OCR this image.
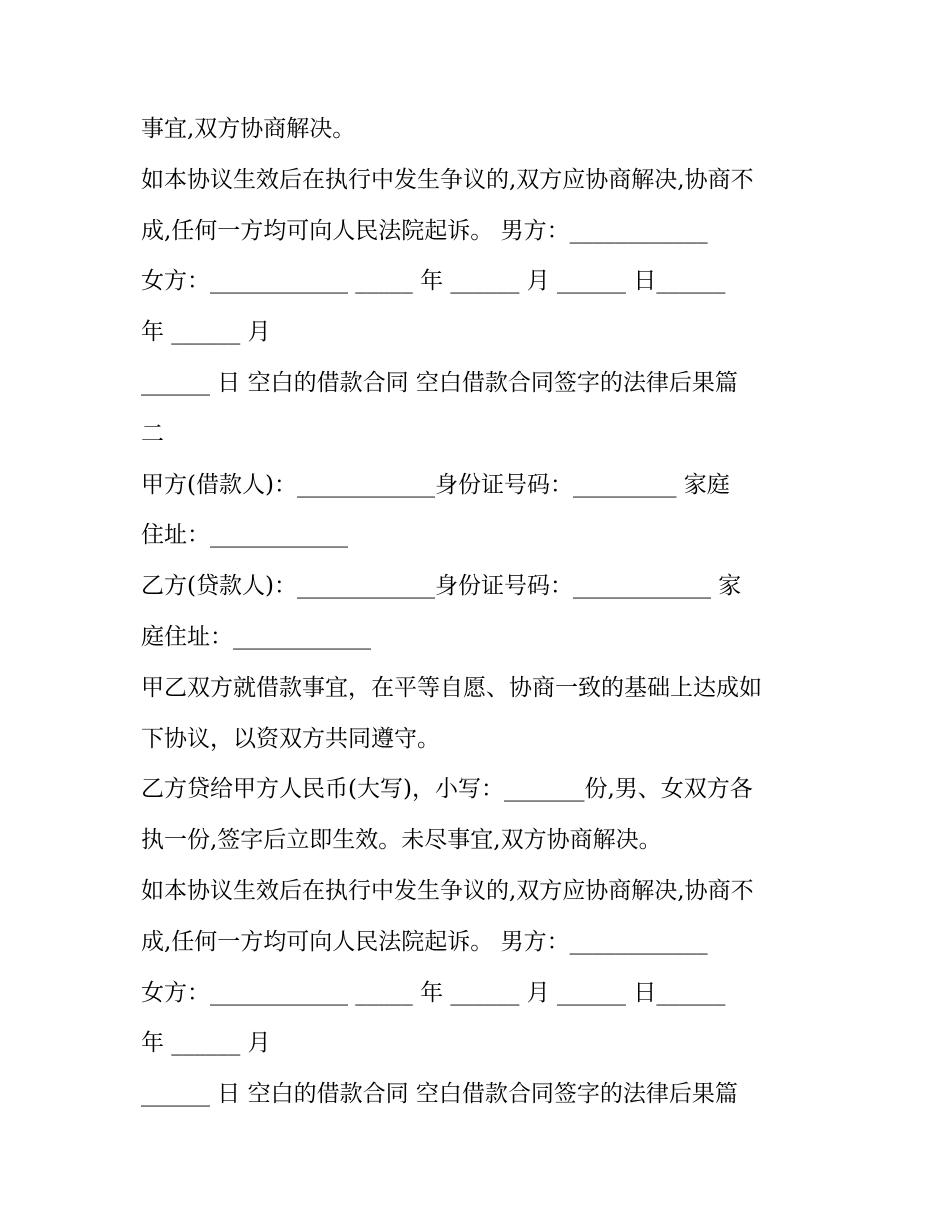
事宜,双方协商解决。
如本协议生效后在执行中发生争议的,双方应协商解决,协商不
成,任何一方均可向人民法院起诉。 男方：____________
女方：____________ _____ 年 ______ 月 ______ 日______
年 ______ 月
______ 日 空白的借款合同 空白借款合同签字的法律后果篇
二
甲方(借款人)：____________身份证号码：_________ 家庭
住址：____________
乙方(贷款人)：____________身份证号码：____________ 家
庭住址：____________
甲乙双方就借款事宜，在平等自愿、协商一致的基础上达成如
下协议，以资双方共同遵守。
乙方贷给甲方人民币(大写)，小写：_______份,男、女双方各
执一份,签字后立即生效。未尽事宜,双方协商解决。
如本协议生效后在执行中发生争议的,双方应协商解决,协商不
成,任何一方均可向人民法院起诉。 男方：____________
女方：____________ _____ 年 ______ 月 ______ 日______
年 ______ 月
______ 日 空白的借款合同 空白借款合同签字的法律后果篇
